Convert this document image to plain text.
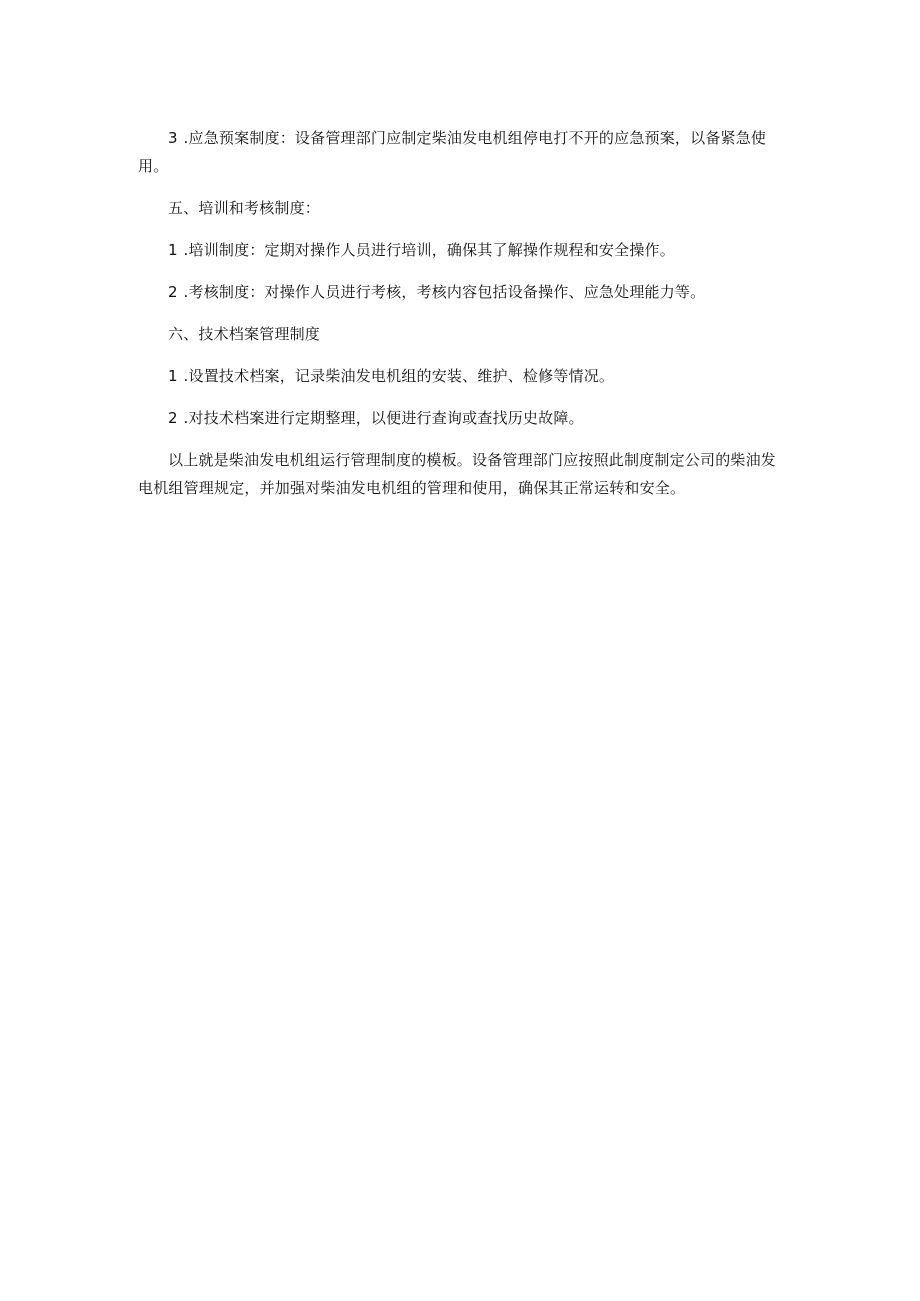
3.应急预案制度：设备管理部门应制定柴油发电机组停电打不开的应急预案，以备紧急使用。

五、培训和考核制度：

1.培训制度：定期对操作人员进行培训，确保其了解操作规程和安全操作。

2.考核制度：对操作人员进行考核，考核内容包括设备操作、应急处理能力等。

六、技术档案管理制度

1.设置技术档案，记录柴油发电机组的安装、维护、检修等情况。

2.对技术档案进行定期整理，以便进行查询或查找历史故障。

以上就是柴油发电机组运行管理制度的模板。设备管理部门应按照此制度制定公司的柴油发电机组管理规定，并加强对柴油发电机组的管理和使用，确保其正常运转和安全。
